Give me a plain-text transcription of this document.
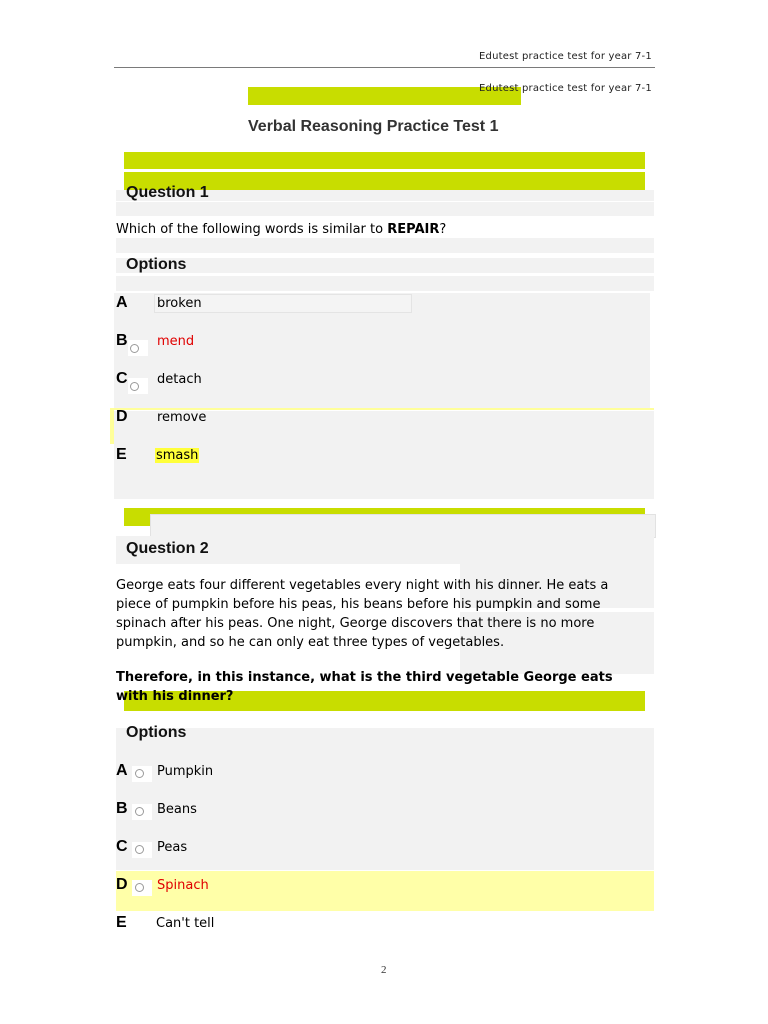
Edutest practice test for year 7-1
Edutest practice test for year 7-1
Verbal Reasoning Practice Test 1
Question 1
Which of the following words is similar to REPAIR?
Options
A broken
B mend
C detach
D remove
E smash
Question 2
George eats four different vegetables every night with his dinner. He eats a
piece of pumpkin before his peas, his beans before his pumpkin and some
spinach after his peas. One night, George discovers that there is no more
pumpkin, and so he can only eat three types of vegetables.
Therefore, in this instance, what is the third vegetable George eats
with his dinner?
Options
A Pumpkin
B Beans
C Peas
D Spinach
E Can't tell
2
